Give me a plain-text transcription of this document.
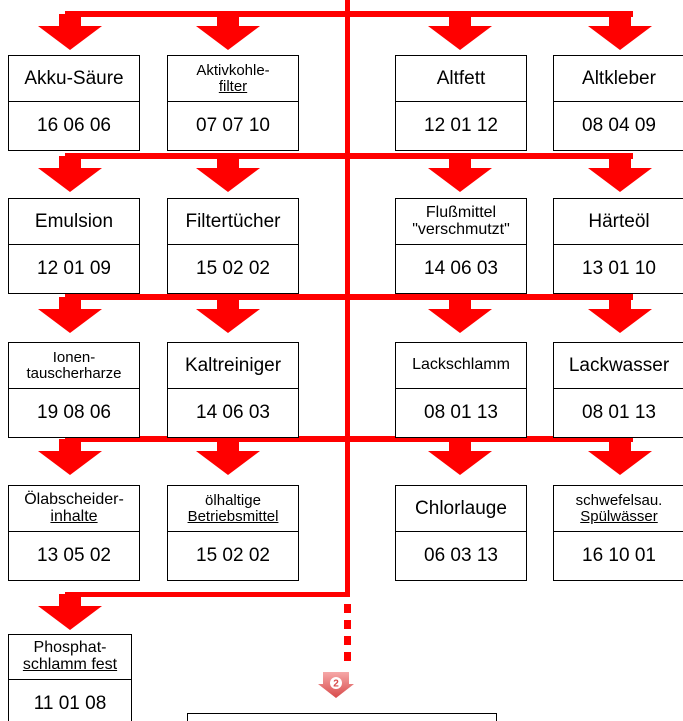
Akku-Säure
16 06 06
Aktivkohle-
filter
07 07 10
Altfett
12 01 12
Altkleber
08 04 09
Emulsion
12 01 09
Filtertücher
15 02 02
Flußmittel
"verschmutzt"
14 06 03
Härteöl
13 01 10
Ionen-
tauscherharze
19 08 06
Kaltreiniger
14 06 03
Lackschlamm
08 01 13
Lackwasser
08 01 13
Ölabscheider-
inhalte
13 05 02
ölhaltige
Betriebsmittel
15 02 02
Chlorlauge
06 03 13
schwefelsau.
Spülwässer
16 10 01
Phosphat-
schlamm fest
11 01 08
2
